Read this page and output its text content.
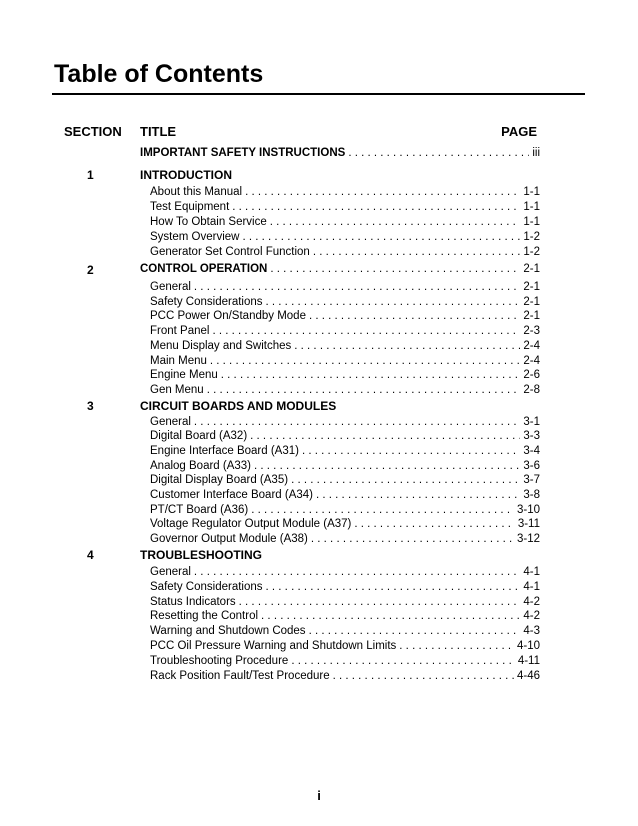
Table of Contents
SECTION TITLE	PAGE
IMPORTANT SAFETY INSTRUCTIONS . . .	iii
1	INTRODUCTION
About this Manual . . .	1-1
Test Equipment . . .	1-1
How To Obtain Service . . .	1-1
System Overview . . .	1-2
Generator Set Control Function . . .	1-2
2	CONTROL OPERATION . . .	2-1
General . . .	2-1
Safety Considerations . . .	2-1
PCC Power On/Standby Mode . . .	2-1
Front Panel . . .	2-3
Menu Display and Switches . . .	2-4
Main Menu . . .	2-4
Engine Menu . . .	2-6
Gen Menu . . .	2-8
3	CIRCUIT BOARDS AND MODULES
General . . .	3-1
Digital Board (A32) . . .	3-3
Engine Interface Board (A31) . . .	3-4
Analog Board (A33) . . .	3-6
Digital Display Board (A35) . . .	3-7
Customer Interface Board (A34) . . .	3-8
PT/CT Board (A36) . . .	3-10
Voltage Regulator Output Module (A37) . . .	3-11
Governor Output Module (A38) . . .	3-12
4	TROUBLESHOOTING
General . . .	4-1
Safety Considerations . . .	4-1
Status Indicators . . .	4-2
Resetting the Control . . .	4-2
Warning and Shutdown Codes . . .	4-3
PCC Oil Pressure Warning and Shutdown Limits . . .	4-10
Troubleshooting Procedure . . .	4-11
Rack Position Fault/Test Procedure . . .	4-46
i
